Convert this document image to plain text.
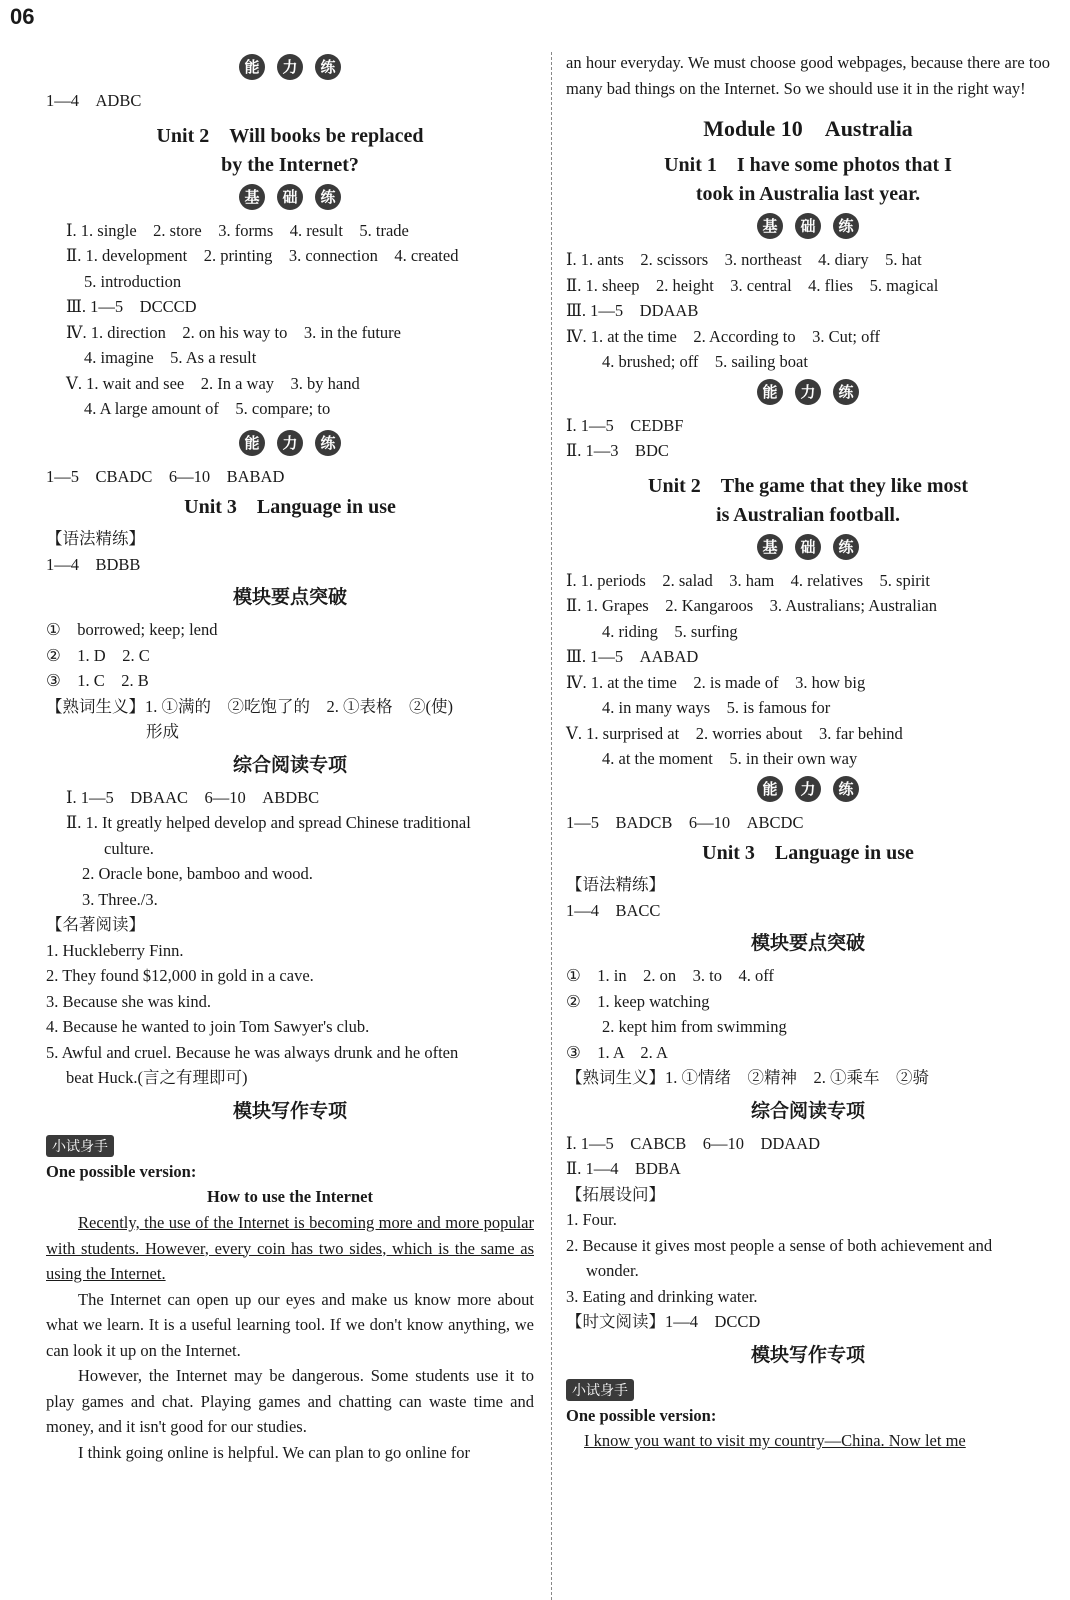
06
能 力 练
1—4　ADBC
Unit 2　Will books be replaced
by the Internet?
基 础 练
Ⅰ. 1. single　2. store　3. forms　4. result　5. trade
Ⅱ. 1. development　2. printing　3. connection　4. created
5. introduction
Ⅲ. 1—5　DCCCD
Ⅳ. 1. direction　2. on his way to　3. in the future
4. imagine　5. As a result
Ⅴ. 1. wait and see　2. In a way　3. by hand
4. A large amount of　5. compare; to
能 力 练
1—5　CBADC　6—10　BABAD
Unit 3　Language in use
【语法精练】
1—4　BDBB
模块要点突破
①　borrowed; keep; lend
②　1. D　2. C
③　1. C　2. B
【熟词生义】1. ①满的　②吃饱了的　2. ①表格　②(使)
形成
综合阅读专项
Ⅰ. 1—5　DBAAC　6—10　ABDBC
Ⅱ. 1. It greatly helped develop and spread Chinese traditional
culture.
2. Oracle bone, bamboo and wood.
3. Three./3.
【名著阅读】
1. Huckleberry Finn.
2. They found $12,000 in gold in a cave.
3. Because she was kind.
4. Because he wanted to join Tom Sawyer's club.
5. Awful and cruel. Because he was always drunk and he often
beat Huck.(言之有理即可)
模块写作专项
小试身手
One possible version:
How to use the Internet
Recently, the use of the Internet is becoming more and more popular with students. However, every coin has two sides, which is the same as using the Internet.
The Internet can open up our eyes and make us know more about what we learn. It is a useful learning tool. If we don't know anything, we can look it up on the Internet.
However, the Internet may be dangerous. Some students use it to play games and chat. Playing games and chatting can waste time and money, and it isn't good for our studies.
I think going online is helpful. We can plan to go online for
an hour everyday. We must choose good webpages, because there are too many bad things on the Internet. So we should use it in the right way!
Module 10　Australia
Unit 1　I have some photos that I
took in Australia last year.
基 础 练
Ⅰ. 1. ants　2. scissors　3. northeast　4. diary　5. hat
Ⅱ. 1. sheep　2. height　3. central　4. flies　5. magical
Ⅲ. 1—5　DDAAB
Ⅳ. 1. at the time　2. According to　3. Cut; off
4. brushed; off　5. sailing boat
能 力 练
Ⅰ. 1—5　CEDBF
Ⅱ. 1—3　BDC
Unit 2　The game that they like most
is Australian football.
基 础 练
Ⅰ. 1. periods　2. salad　3. ham　4. relatives　5. spirit
Ⅱ. 1. Grapes　2. Kangaroos　3. Australians; Australian
4. riding　5. surfing
Ⅲ. 1—5　AABAD
Ⅳ. 1. at the time　2. is made of　3. how big
4. in many ways　5. is famous for
Ⅴ. 1. surprised at　2. worries about　3. far behind
4. at the moment　5. in their own way
能 力 练
1—5　BADCB　6—10　ABCDC
Unit 3　Language in use
【语法精练】
1—4　BACC
模块要点突破
①　1. in　2. on　3. to　4. off
②　1. keep watching
2. kept him from swimming
③　1. A　2. A
【熟词生义】1. ①情绪　②精神　2. ①乘车　②骑
综合阅读专项
Ⅰ. 1—5　CABCB　6—10　DDAAD
Ⅱ. 1—4　BDBA
【拓展设问】
1. Four.
2. Because it gives most people a sense of both achievement and
wonder.
3. Eating and drinking water.
【时文阅读】1—4　DCCD
模块写作专项
小试身手
One possible version:
I know you want to visit my country—China. Now let me
